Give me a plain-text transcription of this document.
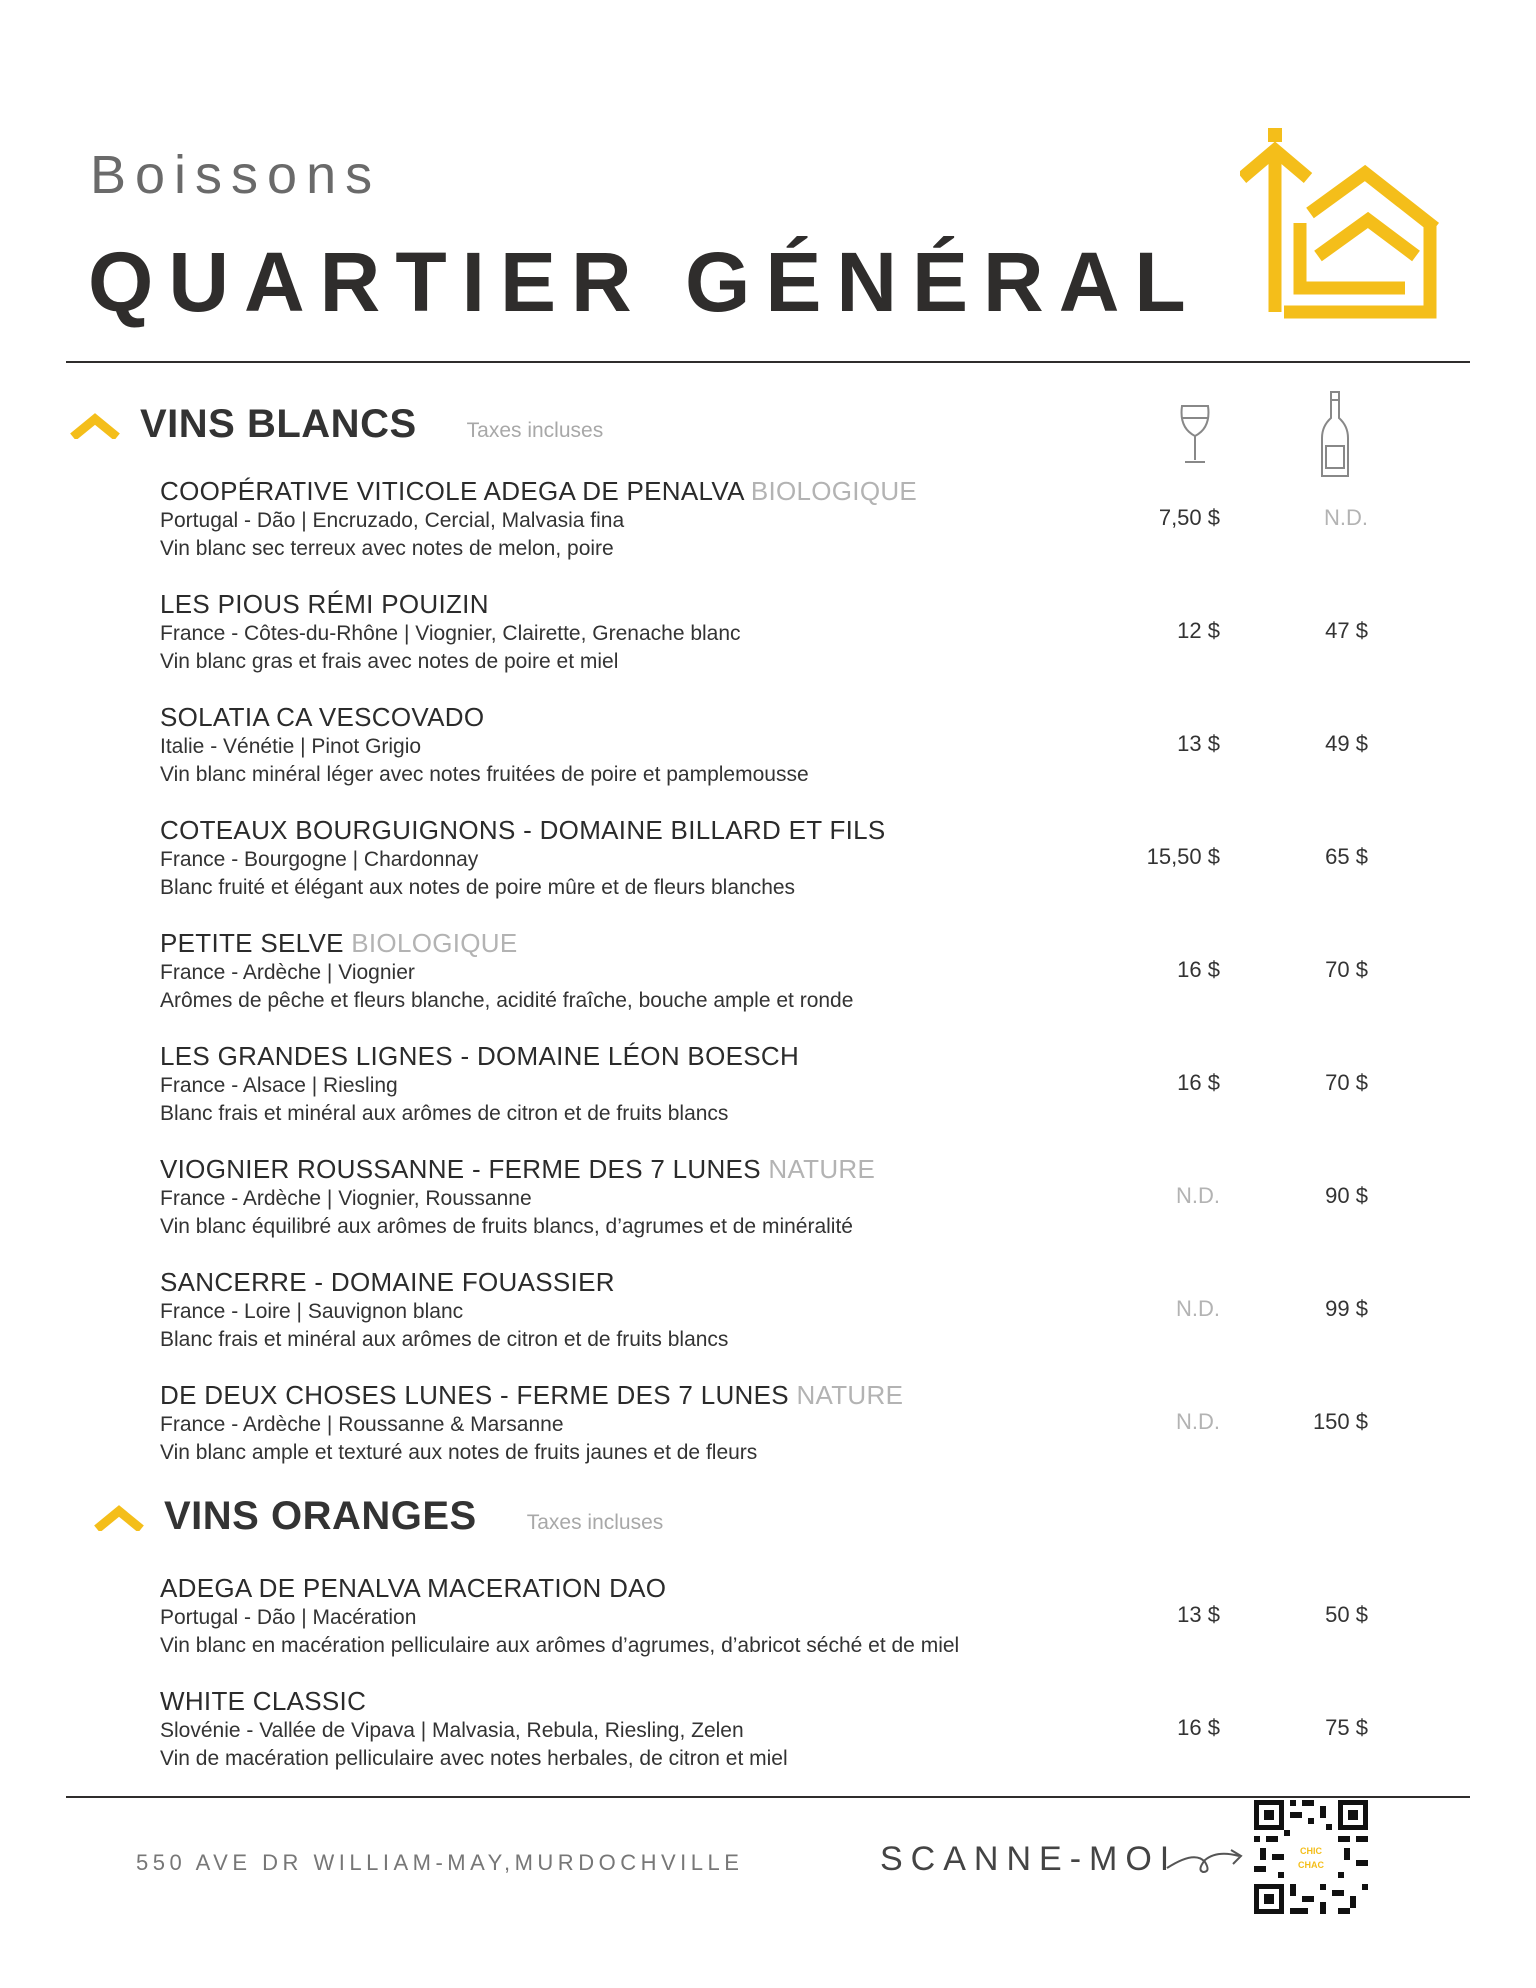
Boissons
QUARTIER GÉNÉRAL
VINS BLANCS Taxes incluses
COOPÉRATIVE VITICOLE ADEGA DE PENALVA BIOLOGIQUE
Portugal - Dão | Encruzado, Cercial, Malvasia fina
Vin blanc sec terreux avec notes de melon, poire
7,50 $	N.D.
LES PIOUS RÉMI POUIZIN
France - Côtes-du-Rhône | Viognier, Clairette, Grenache blanc
Vin blanc gras et frais avec notes de poire et miel
12 $	47 $
SOLATIA CA VESCOVADO
Italie - Vénétie | Pinot Grigio
Vin blanc minéral léger avec notes fruitées de poire et pamplemousse
13 $	49 $
COTEAUX BOURGUIGNONS - DOMAINE BILLARD ET FILS
France - Bourgogne | Chardonnay
Blanc fruité et élégant aux notes de poire mûre et de fleurs blanches
15,50 $	65 $
PETITE SELVE BIOLOGIQUE
France - Ardèche | Viognier
Arômes de pêche et fleurs blanche, acidité fraîche, bouche ample et ronde
16 $	70 $
LES GRANDES LIGNES - DOMAINE LÉON BOESCH
France - Alsace | Riesling
Blanc frais et minéral aux arômes de citron et de fruits blancs
16 $	70 $
VIOGNIER ROUSSANNE - FERME DES 7 LUNES NATURE
France - Ardèche | Viognier, Roussanne
Vin blanc équilibré aux arômes de fruits blancs, d’agrumes et de minéralité
N.D.	90 $
SANCERRE - DOMAINE FOUASSIER
France - Loire | Sauvignon blanc
Blanc frais et minéral aux arômes de citron et de fruits blancs
N.D.	99 $
DE DEUX CHOSES LUNES - FERME DES 7 LUNES NATURE
France - Ardèche | Roussanne & Marsanne
Vin blanc ample et texturé aux notes de fruits jaunes et de fleurs
N.D.	150 $
VINS ORANGES Taxes incluses
ADEGA DE PENALVA MACERATION DAO
Portugal - Dão | Macération
Vin blanc en macération pelliculaire aux arômes d’agrumes, d’abricot séché et de miel
13 $	50 $
WHITE CLASSIC
Slovénie - Vallée de Vipava | Malvasia, Rebula, Riesling, Zelen
Vin de macération pelliculaire avec notes herbales, de citron et miel
16 $	75 $
550 AVE DR WILLIAM-MAY,MURDOCHVILLE	SCANNE-MOI	CHIC
CHAC
